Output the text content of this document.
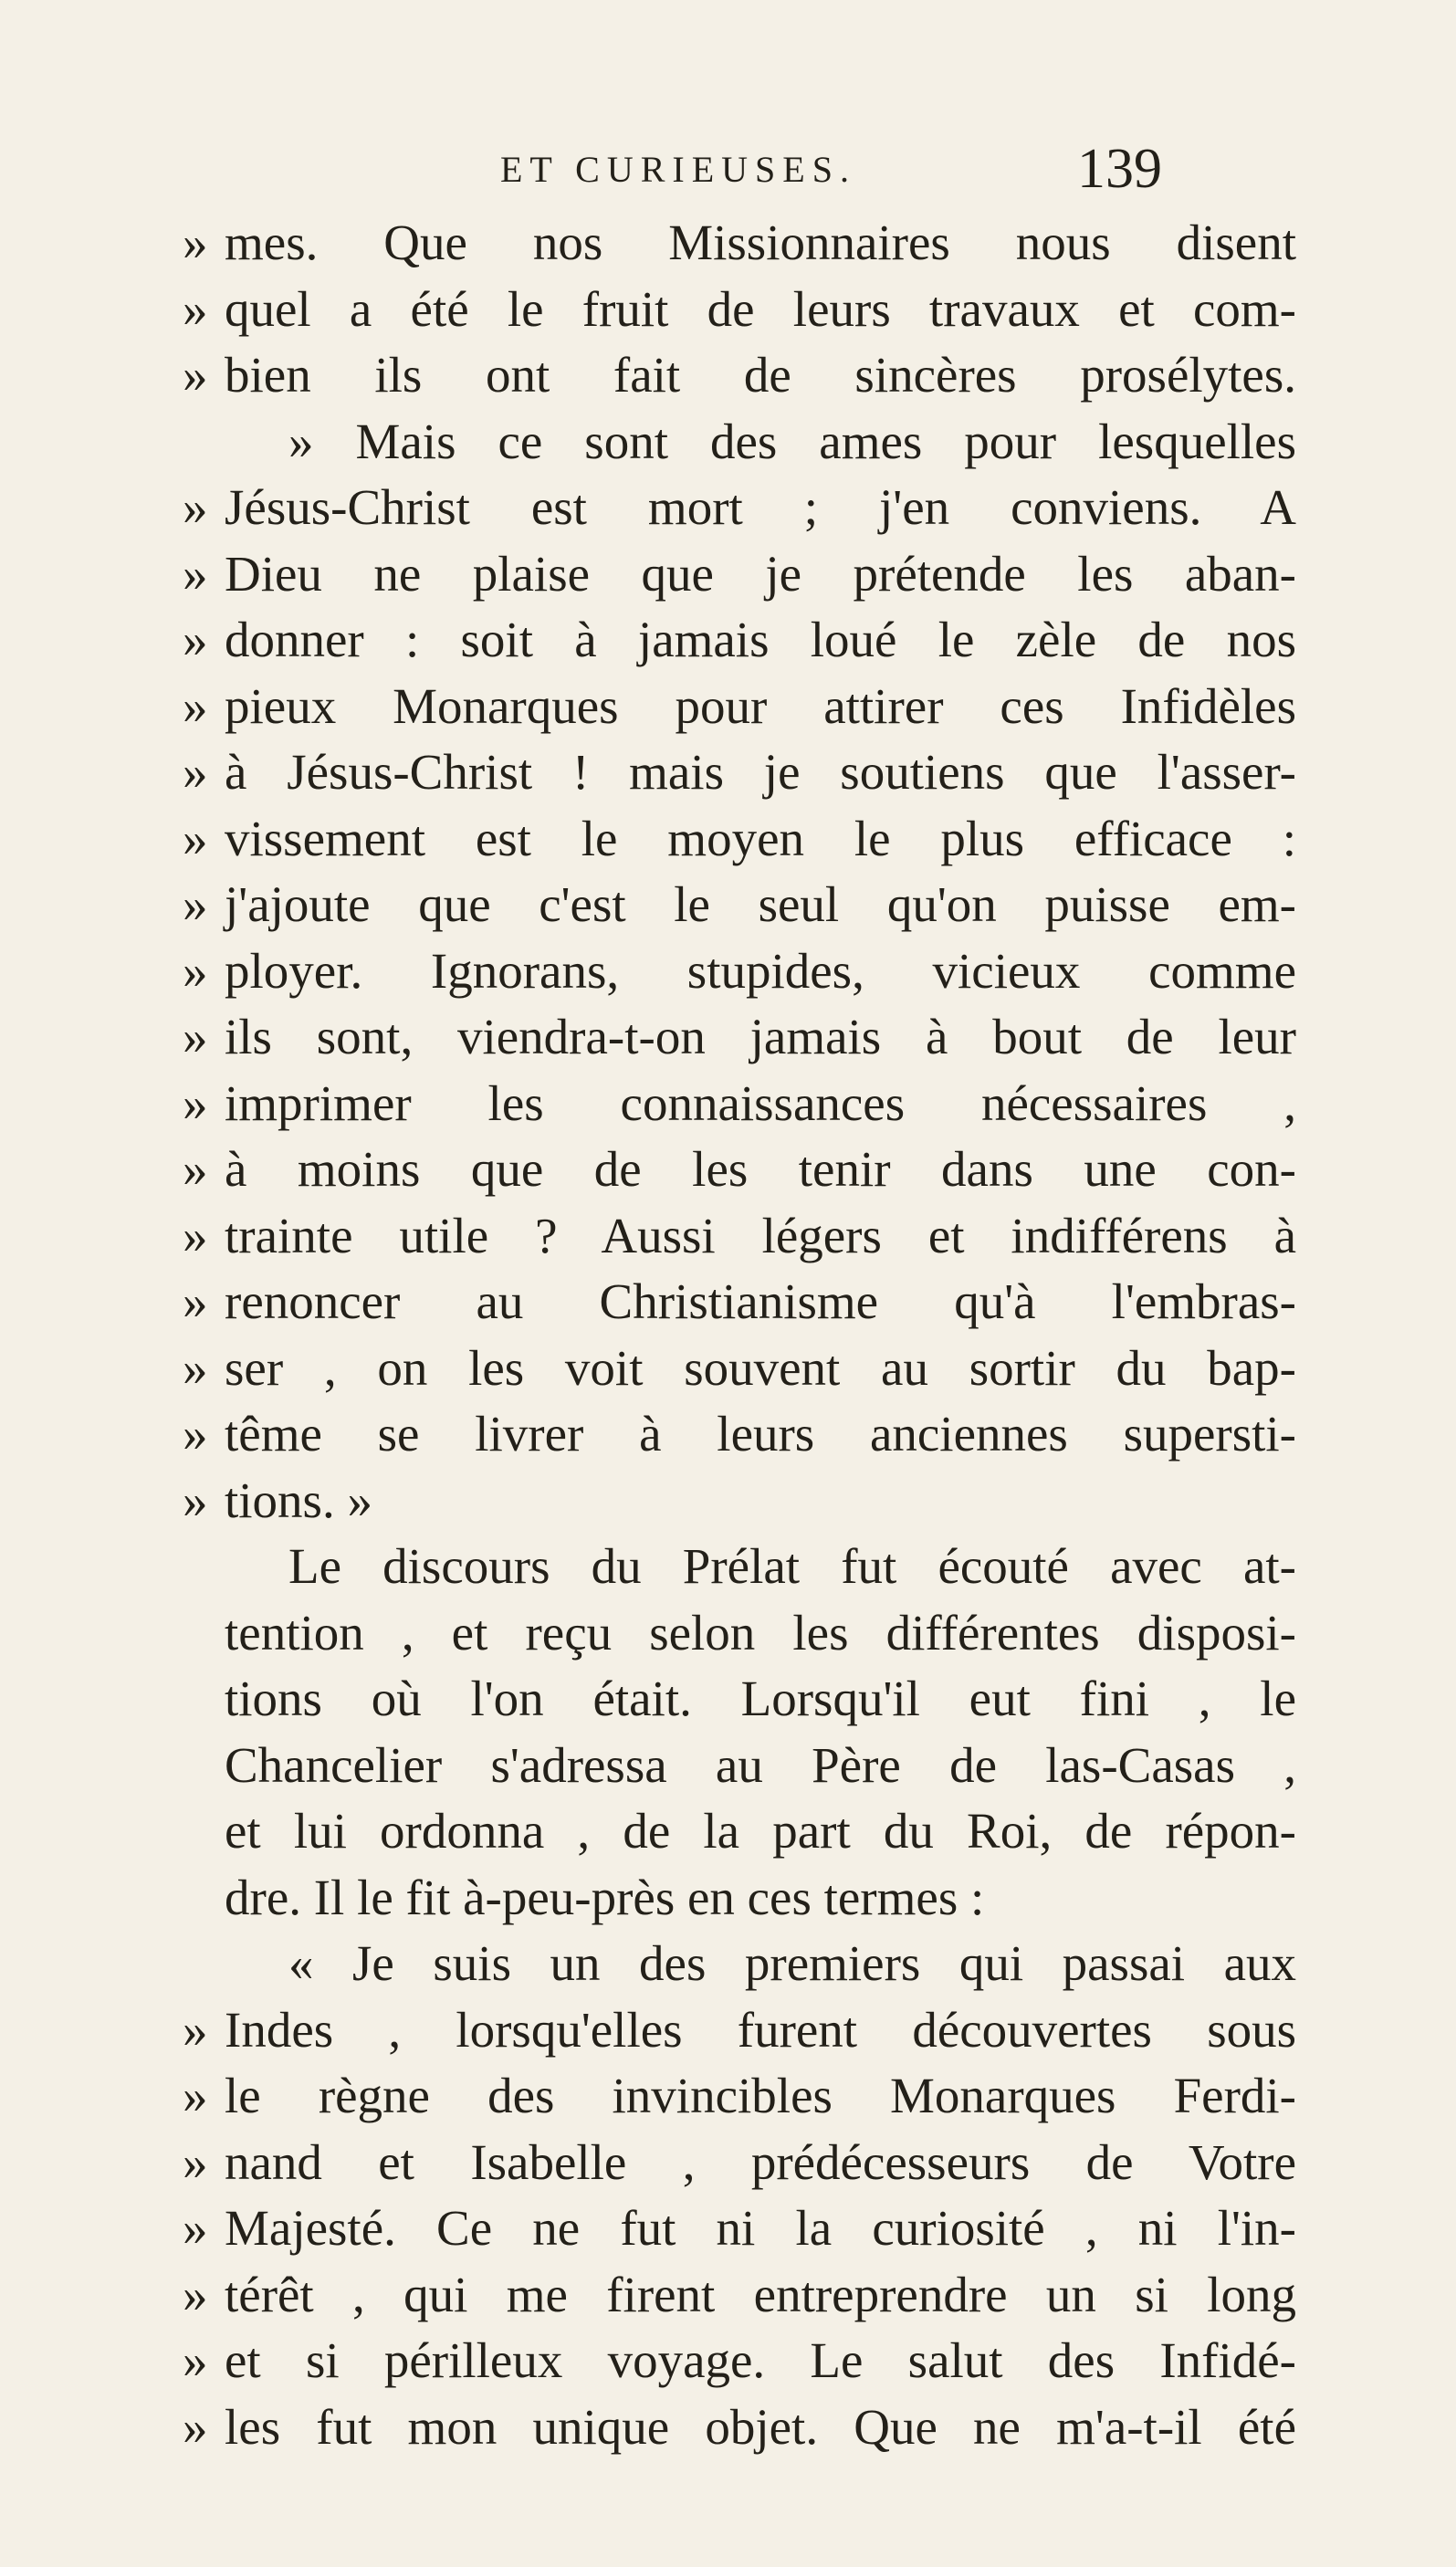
ET CURIEUSES.	139
» mes. Que nos Missionnaires nous disent
» quel a été le fruit de leurs travaux et com-
» bien ils ont fait de sincères prosélytes.
» Mais ce sont des ames pour lesquelles
» Jésus-Christ est mort ; j'en conviens. A
» Dieu ne plaise que je prétende les aban-
» donner : soit à jamais loué le zèle de nos
» pieux Monarques pour attirer ces Infidèles
» à Jésus-Christ ! mais je soutiens que l'asser-
» vissement est le moyen le plus efficace :
» j'ajoute que c'est le seul qu'on puisse em-
» ployer. Ignorans, stupides, vicieux comme
» ils sont, viendra-t-on jamais à bout de leur
» imprimer les connaissances nécessaires ,
» à moins que de les tenir dans une con-
» trainte utile ? Aussi légers et indifférens à
» renoncer au Christianisme qu'à l'embras-
» ser , on les voit souvent au sortir du bap-
» tême se livrer à leurs anciennes supersti-
» tions. »
Le discours du Prélat fut écouté avec at-
tention , et reçu selon les différentes disposi-
tions où l'on était. Lorsqu'il eut fini , le
Chancelier s'adressa au Père de las-Casas ,
et lui ordonna , de la part du Roi, de répon-
dre. Il le fit à-peu-près en ces termes :
« Je suis un des premiers qui passai aux
» Indes , lorsqu'elles furent découvertes sous
» le règne des invincibles Monarques Ferdi-
» nand et Isabelle , prédécesseurs de Votre
» Majesté. Ce ne fut ni la curiosité , ni l'in-
» térêt , qui me firent entreprendre un si long
» et si périlleux voyage. Le salut des Infidé-
» les fut mon unique objet. Que ne m'a-t-il été
